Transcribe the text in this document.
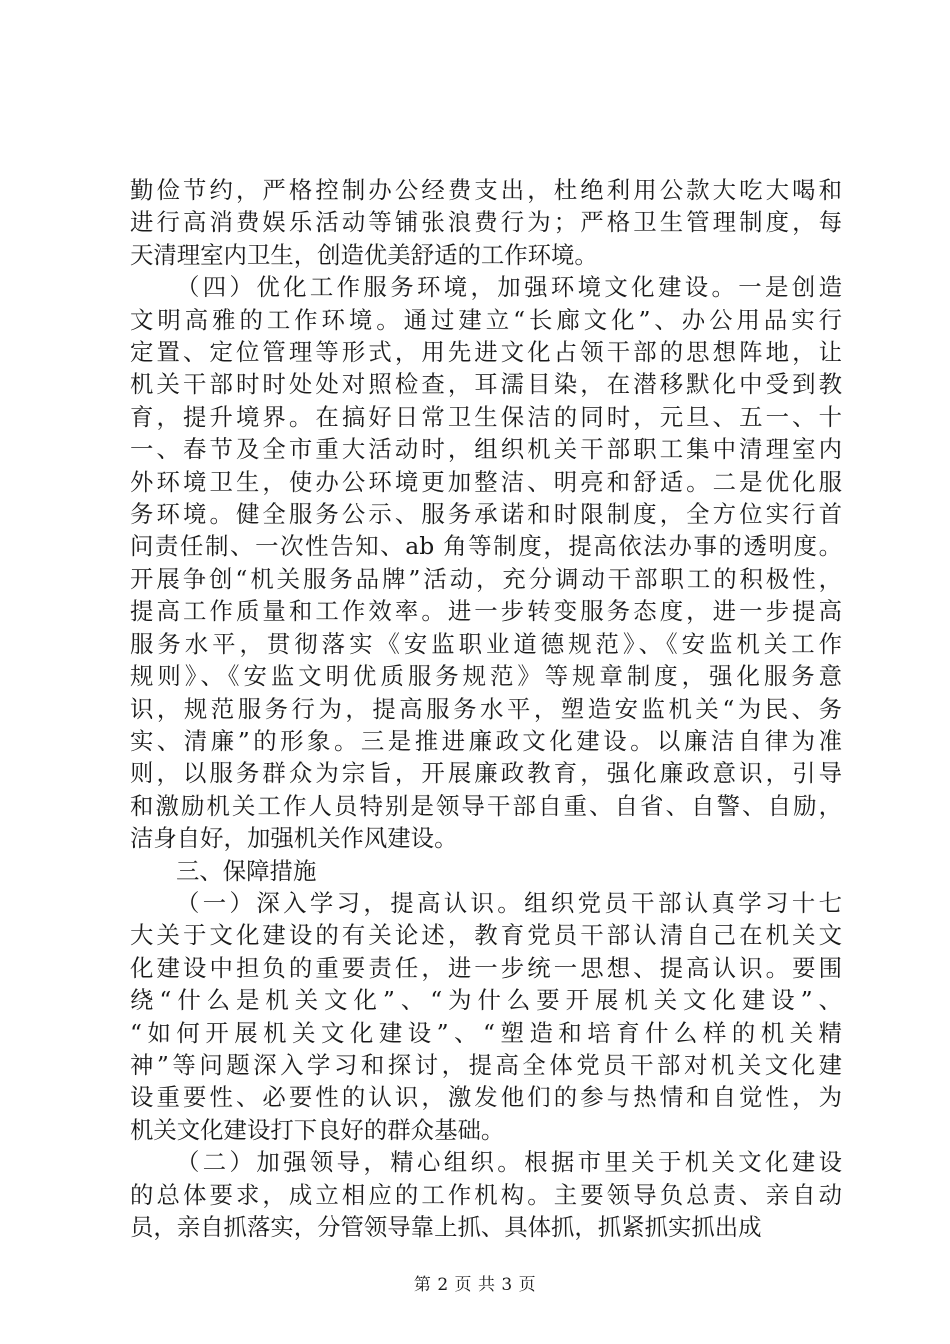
勤俭节约，严格控制办公经费支出，杜绝利用公款大吃大喝和
进行高消费娱乐活动等铺张浪费行为；严格卫生管理制度，每
天清理室内卫生，创造优美舒适的工作环境。
（四）优化工作服务环境，加强环境文化建设。一是创造
文明高雅的工作环境。通过建立“长廊文化”、办公用品实行
定置、定位管理等形式，用先进文化占领干部的思想阵地，让
机关干部时时处处对照检查，耳濡目染，在潜移默化中受到教
育，提升境界。在搞好日常卫生保洁的同时，元旦、五一、十
一、春节及全市重大活动时，组织机关干部职工集中清理室内
外环境卫生，使办公环境更加整洁、明亮和舒适。二是优化服
务环境。健全服务公示、服务承诺和时限制度，全方位实行首
问责任制、一次性告知、ab 角等制度，提高依法办事的透明度。
开展争创“机关服务品牌”活动，充分调动干部职工的积极性，
提高工作质量和工作效率。进一步转变服务态度，进一步提高
服务水平，贯彻落实《安监职业道德规范》、《安监机关工作
规则》、《安监文明优质服务规范》等规章制度，强化服务意
识，规范服务行为，提高服务水平，塑造安监机关“为民、务
实、清廉”的形象。三是推进廉政文化建设。以廉洁自律为准
则，以服务群众为宗旨，开展廉政教育，强化廉政意识，引导
和激励机关工作人员特别是领导干部自重、自省、自警、自励，
洁身自好，加强机关作风建设。
三、保障措施
（一）深入学习，提高认识。组织党员干部认真学习十七
大关于文化建设的有关论述，教育党员干部认清自己在机关文
化建设中担负的重要责任，进一步统一思想、提高认识。要围
绕“什么是机关文化”、“为什么要开展机关文化建设”、
“如何开展机关文化建设”、“塑造和培育什么样的机关精
神”等问题深入学习和探讨，提高全体党员干部对机关文化建
设重要性、必要性的认识，激发他们的参与热情和自觉性，为
机关文化建设打下良好的群众基础。
（二）加强领导，精心组织。根据市里关于机关文化建设
的总体要求，成立相应的工作机构。主要领导负总责、亲自动
员，亲自抓落实，分管领导靠上抓、具体抓，抓紧抓实抓出成
第 2 页 共 3 页
